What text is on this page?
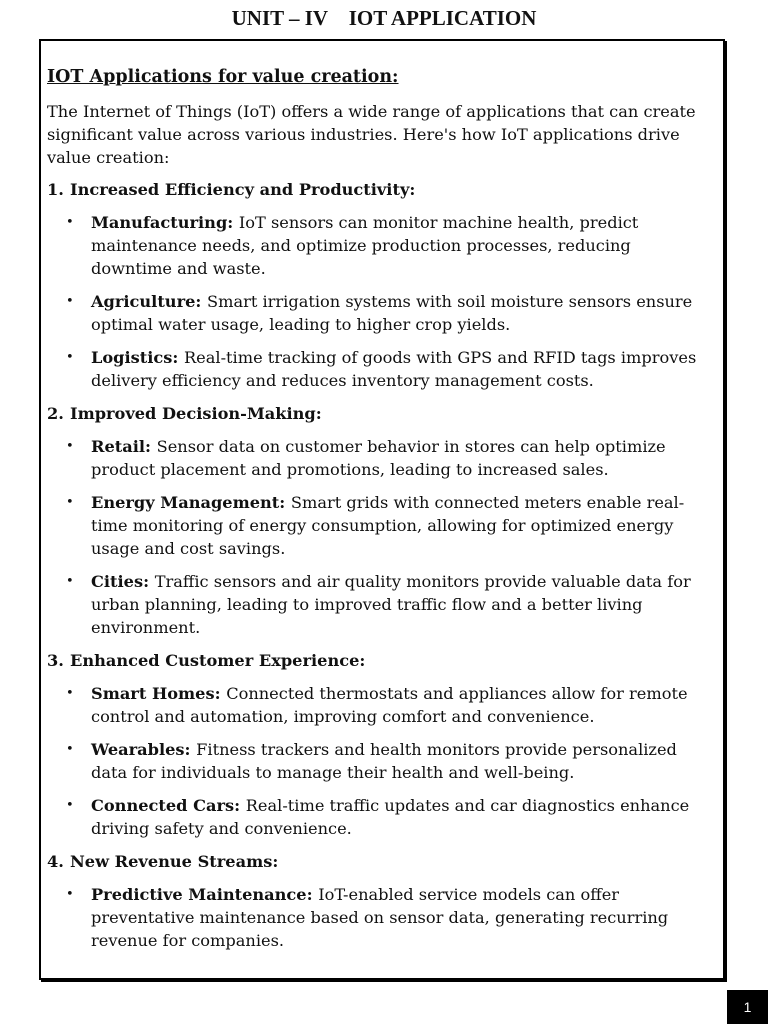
UNIT – IV    IOT APPLICATION

IOT Applications for value creation:

The Internet of Things (IoT) offers a wide range of applications that can create significant value across various industries. Here's how IoT applications drive value creation:

1. Increased Efficiency and Productivity:

• Manufacturing: IoT sensors can monitor machine health, predict maintenance needs, and optimize production processes, reducing downtime and waste.
• Agriculture: Smart irrigation systems with soil moisture sensors ensure optimal water usage, leading to higher crop yields.
• Logistics: Real-time tracking of goods with GPS and RFID tags improves delivery efficiency and reduces inventory management costs.

2. Improved Decision-Making:

• Retail: Sensor data on customer behavior in stores can help optimize product placement and promotions, leading to increased sales.
• Energy Management: Smart grids with connected meters enable real-time monitoring of energy consumption, allowing for optimized energy usage and cost savings.
• Cities: Traffic sensors and air quality monitors provide valuable data for urban planning, leading to improved traffic flow and a better living environment.

3. Enhanced Customer Experience:

• Smart Homes: Connected thermostats and appliances allow for remote control and automation, improving comfort and convenience.
• Wearables: Fitness trackers and health monitors provide personalized data for individuals to manage their health and well-being.
• Connected Cars: Real-time traffic updates and car diagnostics enhance driving safety and convenience.

4. New Revenue Streams:

• Predictive Maintenance: IoT-enabled service models can offer preventative maintenance based on sensor data, generating recurring revenue for companies.
1
